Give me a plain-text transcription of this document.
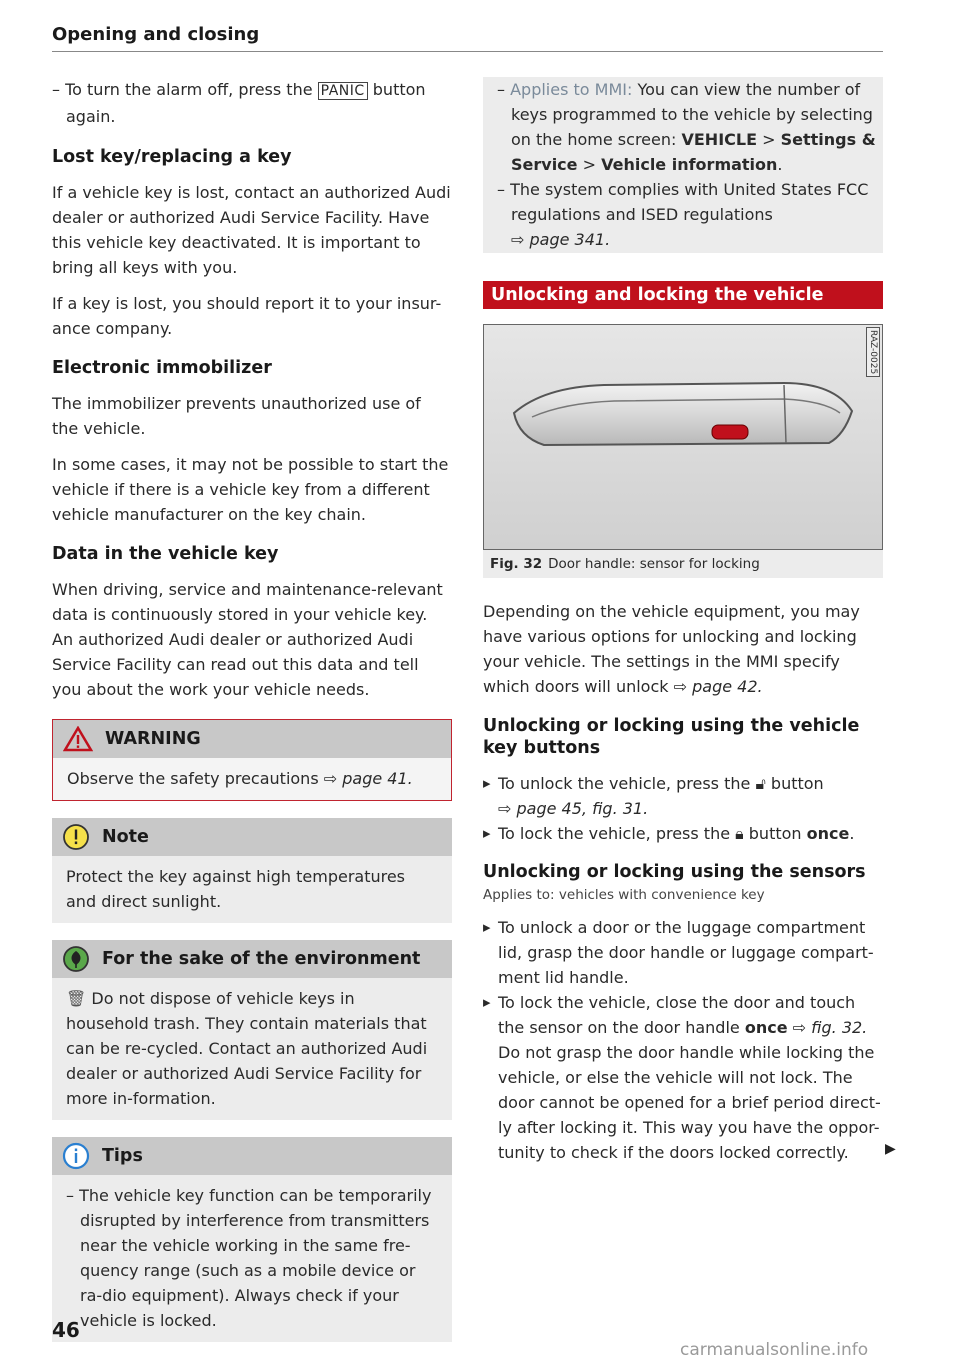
Opening and closing

– To turn the alarm off, press the PANIC button
again.

Lost key/replacing a key

If a vehicle key is lost, contact an authorized Audi dealer or authorized Audi Service Facility. Have this vehicle key deactivated. It is important to bring all keys with you.

If a key is lost, you should report it to your insur-ance company.

Electronic immobilizer

The immobilizer prevents unauthorized use of the vehicle.

In some cases, it may not be possible to start the vehicle if there is a vehicle key from a different vehicle manufacturer on the key chain.

Data in the vehicle key

When driving, service and maintenance-relevant data is continuously stored in your vehicle key. An authorized Audi dealer or authorized Audi Service Facility can read out this data and tell you about the work your vehicle needs.

WARNING

Observe the safety precautions ⇨ page 41.

Note

Protect the key against high temperatures and direct sunlight.

For the sake of the environment

🗑︎ Do not dispose of vehicle keys in household trash. They contain materials that can be re-cycled. Contact an authorized Audi dealer or authorized Audi Service Facility for more in-formation.

Tips

– The vehicle key function can be temporarily disrupted by interference from transmitters near the vehicle working in the same fre-quency range (such as a mobile device or ra-dio equipment). Always check if your vehicle is locked.

– Applies to MMI: You can view the number of keys programmed to the vehicle by selecting on the home screen: VEHICLE > Settings & Service > Vehicle information.

– The system complies with United States FCC regulations and ISED regulations
⇨ page 341.

Unlocking and locking the vehicle
RAZ-0025
Fig. 32 Door handle: sensor for locking

Depending on the vehicle equipment, you may have various options for unlocking and locking your vehicle. The settings in the MMI specify which doors will unlock ⇨ page 42.

Unlocking or locking using the vehicle key buttons

▸ To unlock the vehicle, press the 🔓︎ button
⇨ page 45, fig. 31.

▸ To lock the vehicle, press the 🔒︎ button once.

Unlocking or locking using the sensors

Applies to: vehicles with convenience key

▸ To unlock a door or the luggage compartment lid, grasp the door handle or luggage compart-ment lid handle.

▸ To lock the vehicle, close the door and touch the sensor on the door handle once ⇨ fig. 32. Do not grasp the door handle while locking the vehicle, or else the vehicle will not lock. The door cannot be opened for a brief period direct-ly after locking it. This way you have the oppor-tunity to check if the doors locked correctly.	▶
46
carmanualsonline.info
